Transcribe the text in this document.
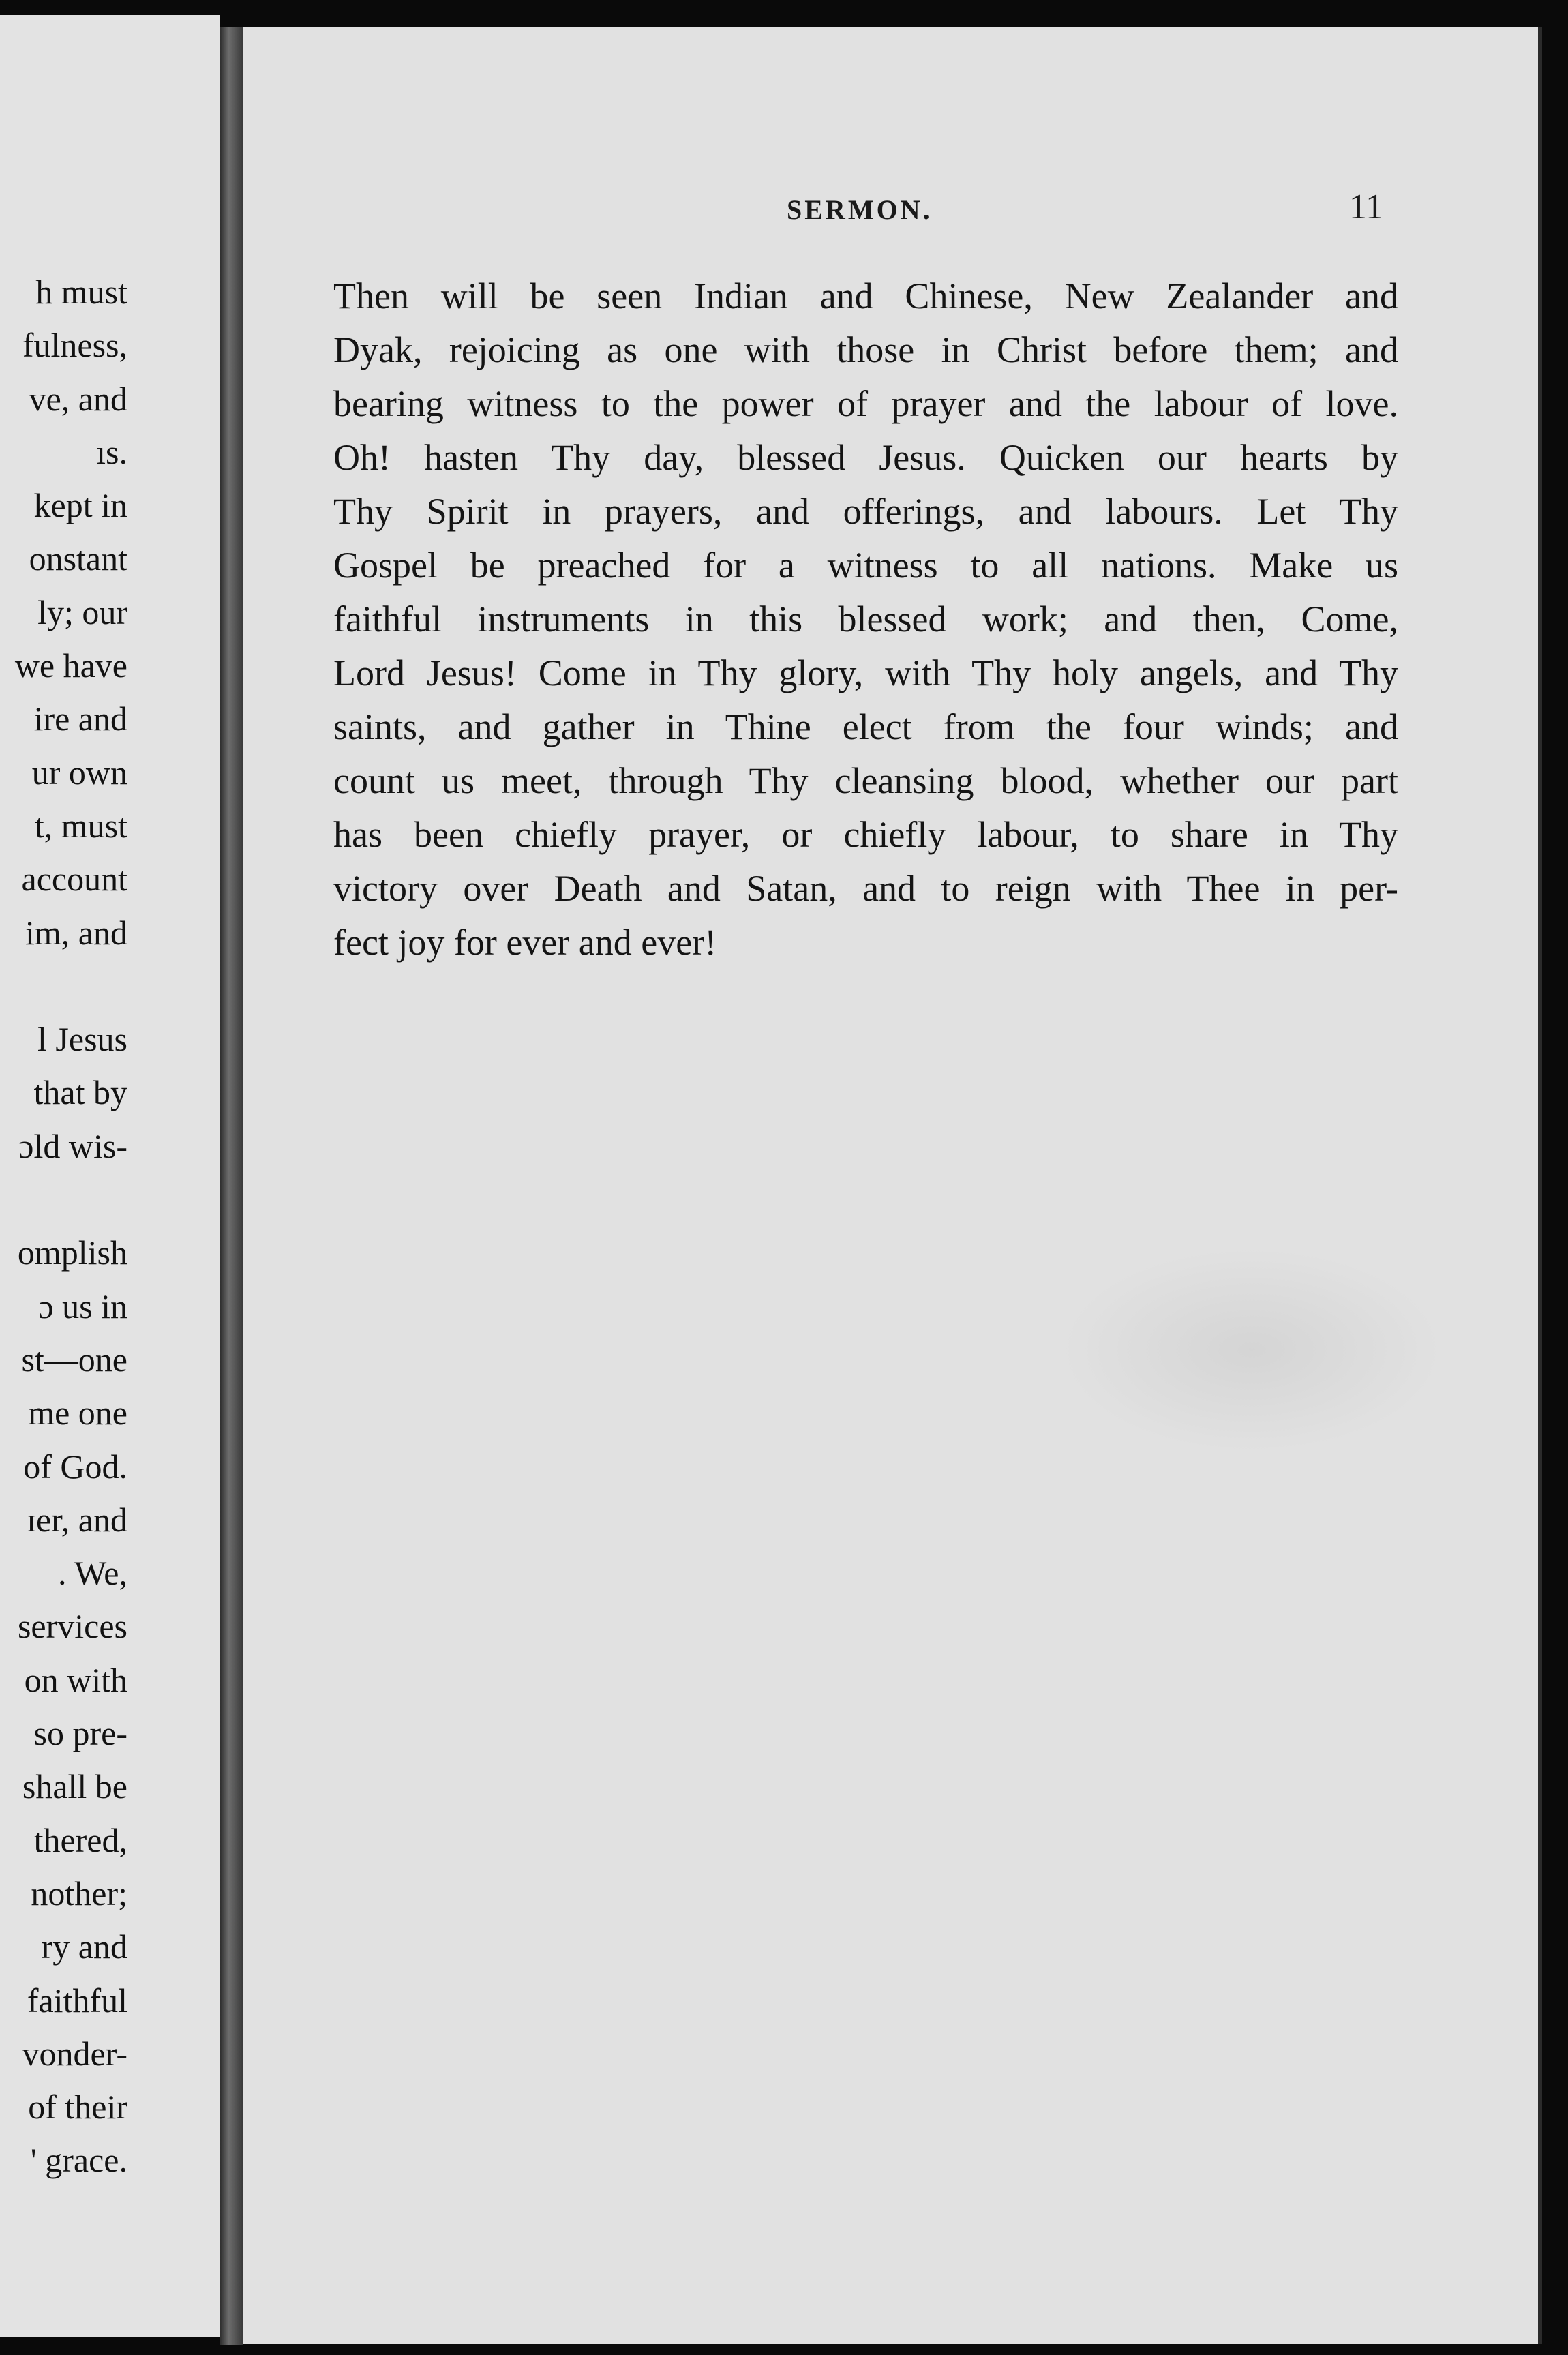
h must
fulness,
ve, and
ıs.
kept in
onstant
ly; our
we have
ire and
ur own
t, must
account
im, and
l Jesus
that by
ɔld wis-
omplish
ɔ us in
st—one
me one
of God.
ɪer, and
. We,
services
on with
so pre-
shall be
thered,
nother;
ry and
faithful
vonder-
of their
' grace.
SERMON.	11
Then will be seen Indian and Chinese, New Zealander and
Dyak, rejoicing as one with those in Christ before them; and
bearing witness to the power of prayer and the labour of love.
Oh! hasten Thy day, blessed Jesus. Quicken our hearts by
Thy Spirit in prayers, and offerings, and labours. Let Thy
Gospel be preached for a witness to all nations. Make us
faithful instruments in this blessed work; and then, Come,
Lord Jesus! Come in Thy glory, with Thy holy angels, and Thy
saints, and gather in Thine elect from the four winds; and
count us meet, through Thy cleansing blood, whether our part
has been chiefly prayer, or chiefly labour, to share in Thy
victory over Death and Satan, and to reign with Thee in per-
fect joy for ever and ever!
